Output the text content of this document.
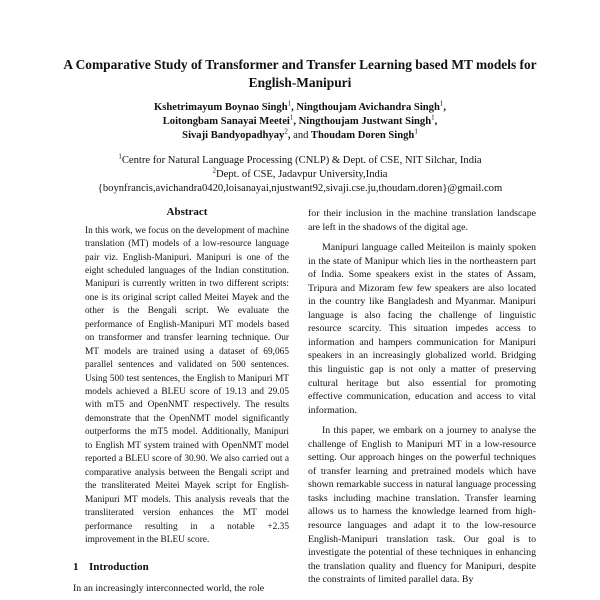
A Comparative Study of Transformer and Transfer Learning based MT models for English-Manipuri
Kshetrimayum Boynao Singh$^1$, Ningthoujam Avichandra Singh$^1$,
Loitongbam Sanayai Meetei$^1$, Ningthoujam Justwant Singh$^1$,
Sivaji Bandyopadhyay$^2$, and Thoudam Doren Singh$^1$
$^1$Centre for Natural Language Processing (CNLP) & Dept. of CSE, NIT Silchar, India
$^2$Dept. of CSE, Jadavpur University,India
{boynfrancis,avichandra0420,loisanayai,njustwant92,sivaji.cse.ju,thoudam.doren}@gmail.com
Abstract

In this work, we focus on the development of machine translation (MT) models of a low-resource language pair viz. English-Manipuri. Manipuri is one of the eight scheduled languages of the Indian constitution. Manipuri is currently written in two different scripts: one is its original script called Meitei Mayek and the other is the Bengali script. We evaluate the performance of English-Manipuri MT models based on transformer and transfer learning technique. Our MT models are trained using a dataset of 69,065 parallel sentences and validated on 500 sentences. Using 500 test sentences, the English to Manipuri MT models achieved a BLEU score of 19.13 and 29.05 with mT5 and OpenNMT respectively. The results demonstrate that the OpenNMT model significantly outperforms the mT5 model. Additionally, Manipuri to English MT system trained with OpenNMT model reported a BLEU score of 30.90. We also carried out a comparative analysis between the Bengali script and the transliterated Meitei Mayek script for English-Manipuri MT models. This analysis reveals that the transliterated version enhances the MT model performance resulting in a notable +2.35 improvement in the BLEU score.

1 Introduction
In an increasingly interconnected world, the role

for their inclusion in the machine translation landscape are left in the shadows of the digital age.

Manipuri language called Meiteilon is mainly spoken in the state of Manipur which lies in the northeastern part of India. Some speakers exist in the states of Assam, Tripura and Mizoram few few speakers are also located in the country like Bangladesh and Myanmar. Manipuri language is also facing the challenge of linguistic resource scarcity. This situation impedes access to information and hampers communication for Manipuri speakers in an increasingly globalized world. Bridging this linguistic gap is not only a matter of preserving cultural heritage but also essential for promoting effective communication, education and access to vital information.

In this paper, we embark on a journey to analyse the challenge of English to Manipuri MT in a low-resource setting. Our approach hinges on the powerful techniques of transfer learning and pretrained models which have shown remarkable success in natural language processing tasks including machine translation. Transfer learning allows us to harness the knowledge learned from high-resource languages and adapt it to the low-resource English-Manipuri translation task. Our goal is to investigate the potential of these techniques in enhancing the translation quality and fluency for Manipuri, despite the constraints of limited parallel data. By
